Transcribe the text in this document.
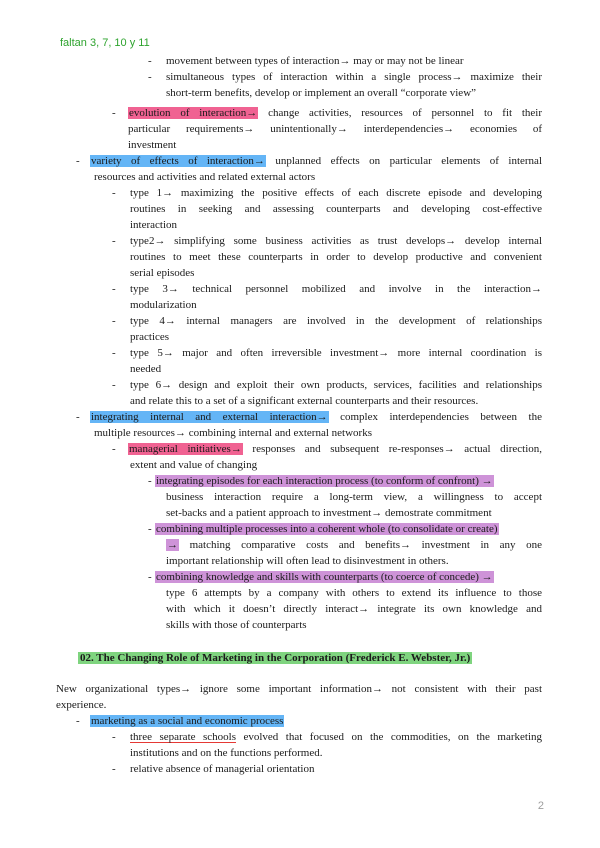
faltan 3, 7, 10 y 11
- movement between types of interaction→ may or may not be linear
- simultaneous types of interaction within a single process→ maximize their
short-term benefits, develop or implement an overall “corporate view”
- evolution of interaction→ change activities, resources of personnel to fit their
particular requirements→ unintentionally→ interdependencies→ economies of
investment
- variety of effects of interaction→ unplanned effects on particular elements of internal
resources and activities and related external actors
- type 1→ maximizing the positive effects of each discrete episode and developing
routines in seeking and assessing counterparts and developing cost-effective
interaction
- type2→ simplifying some business activities as trust develops→ develop internal
routines to meet these counterparts in order to develop productive and convenient
serial episodes
- type 3→ technical personnel mobilized and involve in the interaction→
modularization
- type 4→ internal managers are involved in the development of relationships
practices
- type 5→ major and often irreversible investment→ more internal coordination is
needed
- type 6→ design and exploit their own products, services, facilities and relationships
and relate this to a set of a significant external counterparts and their resources.
- integrating internal and external interaction→ complex interdependencies between the
multiple resources→ combining internal and external networks
- managerial initiatives→ responses and subsequent re-responses→ actual direction,
extent and value of changing
- integrating episodes for each interaction process (to conform of confront) →
business interaction require a long-term view, a willingness to accept
set-backs and a patient approach to investment→ demostrate commitment
- combining multiple processes into a coherent whole (to consolidate or create)
→ matching comparative costs and benefits→ investment in any one
important relationship will often lead to disinvestment in others.
- combining knowledge and skills with counterparts (to coerce of concede) →
type 6 attempts by a company with others to extend its influence to those
with which it doesn’t directly interact→ integrate its own knowledge and
skills with those of counterparts
02. The Changing Role of Marketing in the Corporation (Frederick E. Webster, Jr.)
New organizational types→ ignore some important information→ not consistent with their past
experience.
- marketing as a social and economic process
- three separate schools evolved that focused on the commodities, on the marketing
institutions and on the functions performed.
- relative absence of managerial orientation
2
